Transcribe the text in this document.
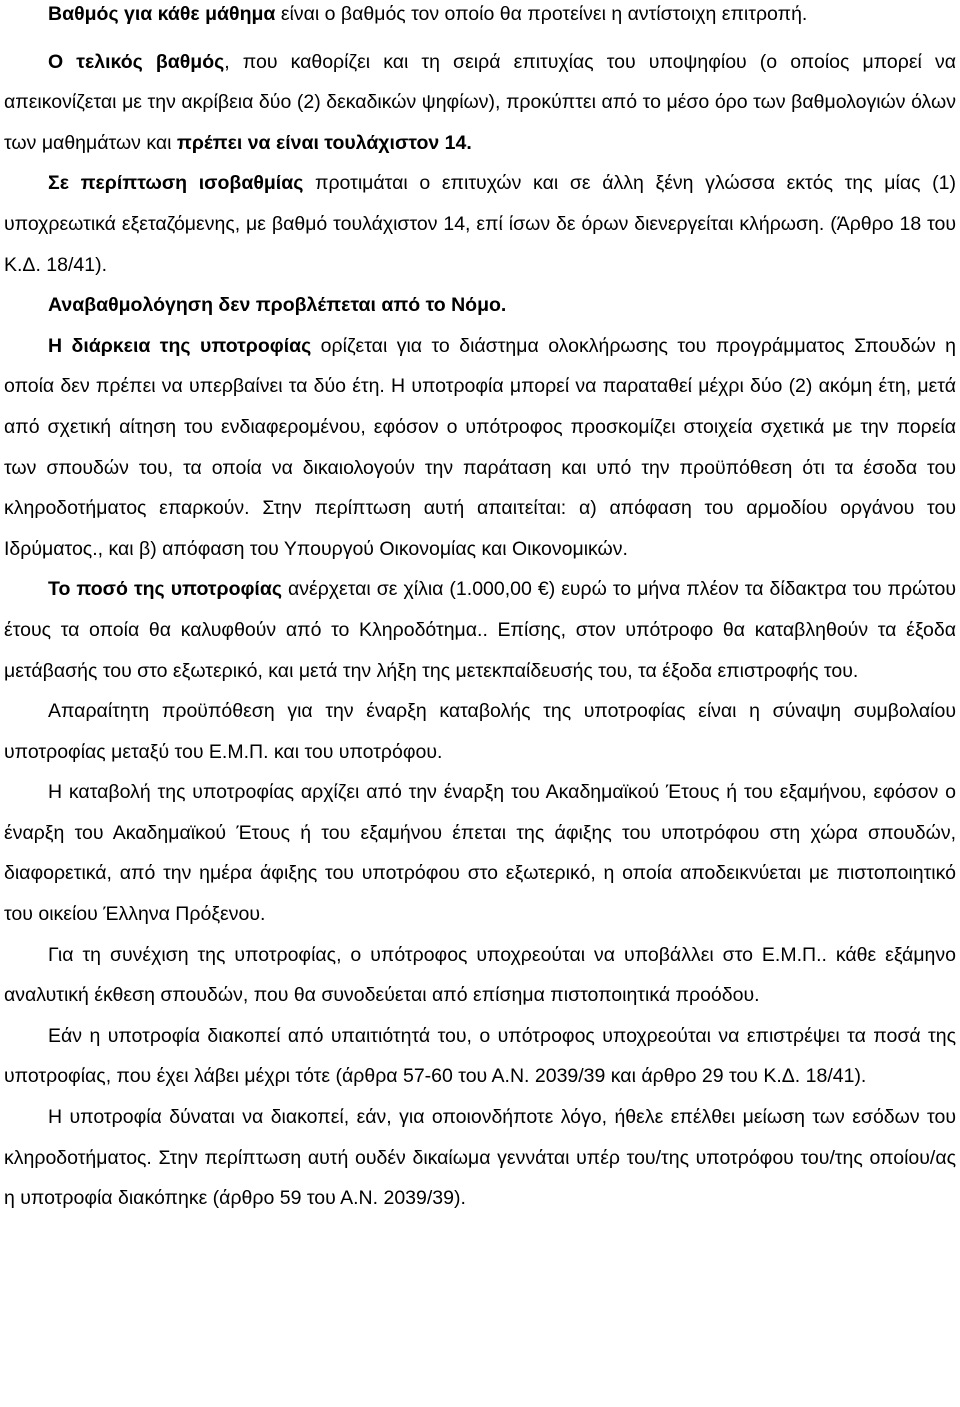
Βαθμός για κάθε μάθημα είναι ο βαθμός τον οποίο θα προτείνει η αντίστοιχη επιτροπή.

Ο τελικός βαθμός, που καθορίζει και τη σειρά επιτυχίας του υποψηφίου (ο οποίος μπορεί να απεικονίζεται με την ακρίβεια δύο (2) δεκαδικών ψηφίων), προκύπτει από το μέσο όρο των βαθμολογιών όλων των μαθημάτων και πρέπει να είναι τουλάχιστον 14.

Σε περίπτωση ισοβαθμίας προτιμάται ο επιτυχών και σε άλλη ξένη γλώσσα εκτός της μίας (1) υποχρεωτικά εξεταζόμενης, με βαθμό τουλάχιστον 14, επί ίσων δε όρων διενεργείται κλήρωση. (Άρθρο 18 του Κ.Δ. 18/41).

Αναβαθμολόγηση δεν προβλέπεται από το Νόμο.

Η διάρκεια της υποτροφίας ορίζεται για το διάστημα ολοκλήρωσης του προγράμματος Σπουδών η οποία δεν πρέπει να υπερβαίνει τα δύο έτη. Η υποτροφία μπορεί να παραταθεί μέχρι δύο (2) ακόμη έτη, μετά από σχετική αίτηση του ενδιαφερομένου, εφόσον ο υπότροφος προσκομίζει στοιχεία σχετικά με την πορεία των σπουδών του, τα οποία να δικαιολογούν την παράταση και υπό την προϋπόθεση ότι τα έσοδα του κληροδοτήματος επαρκούν. Στην περίπτωση αυτή απαιτείται: α) απόφαση του αρμοδίου οργάνου του Ιδρύματος., και β) απόφαση του Υπουργού Οικονομίας και Οικονομικών.

Το ποσό της υποτροφίας ανέρχεται σε χίλια (1.000,00 €) ευρώ το μήνα πλέον τα δίδακτρα του πρώτου έτους τα οποία θα καλυφθούν από το Κληροδότημα.. Επίσης, στον υπότροφο θα καταβληθούν τα έξοδα μετάβασής του στο εξωτερικό, και μετά την λήξη της μετεκπαίδευσής του, τα έξοδα επιστροφής του.

Απαραίτητη προϋπόθεση για την έναρξη καταβολής της υποτροφίας είναι η σύναψη συμβολαίου υποτροφίας μεταξύ του Ε.Μ.Π. και του υποτρόφου.

Η καταβολή της υποτροφίας αρχίζει από την έναρξη του Ακαδημαϊκού Έτους ή του εξαμήνου, εφόσον ο έναρξη του Ακαδημαϊκού Έτους ή του εξαμήνου έπεται της άφιξης του υποτρόφου στη χώρα σπουδών, διαφορετικά, από την ημέρα άφιξης του υποτρόφου στο εξωτερικό, η οποία αποδεικνύεται με πιστοποιητικό του οικείου Έλληνα Πρόξενου.

Για τη συνέχιση της υποτροφίας, ο υπότροφος υποχρεούται να υποβάλλει στο Ε.Μ.Π.. κάθε εξάμηνο αναλυτική έκθεση σπουδών, που θα συνοδεύεται από επίσημα πιστοποιητικά προόδου.

Εάν η υποτροφία διακοπεί από υπαιτιότητά του, ο υπότροφος υποχρεούται να επιστρέψει τα ποσά της υποτροφίας, που έχει λάβει μέχρι τότε (άρθρα 57-60 του Α.Ν. 2039/39 και άρθρο 29 του Κ.Δ. 18/41).

Η υποτροφία δύναται να διακοπεί, εάν, για οποιονδήποτε λόγο, ήθελε επέλθει μείωση των εσόδων του κληροδοτήματος. Στην περίπτωση αυτή ουδέν δικαίωμα γεννάται υπέρ του/της υποτρόφου του/της οποίου/ας η υποτροφία διακόπηκε (άρθρο 59 του Α.Ν. 2039/39).
